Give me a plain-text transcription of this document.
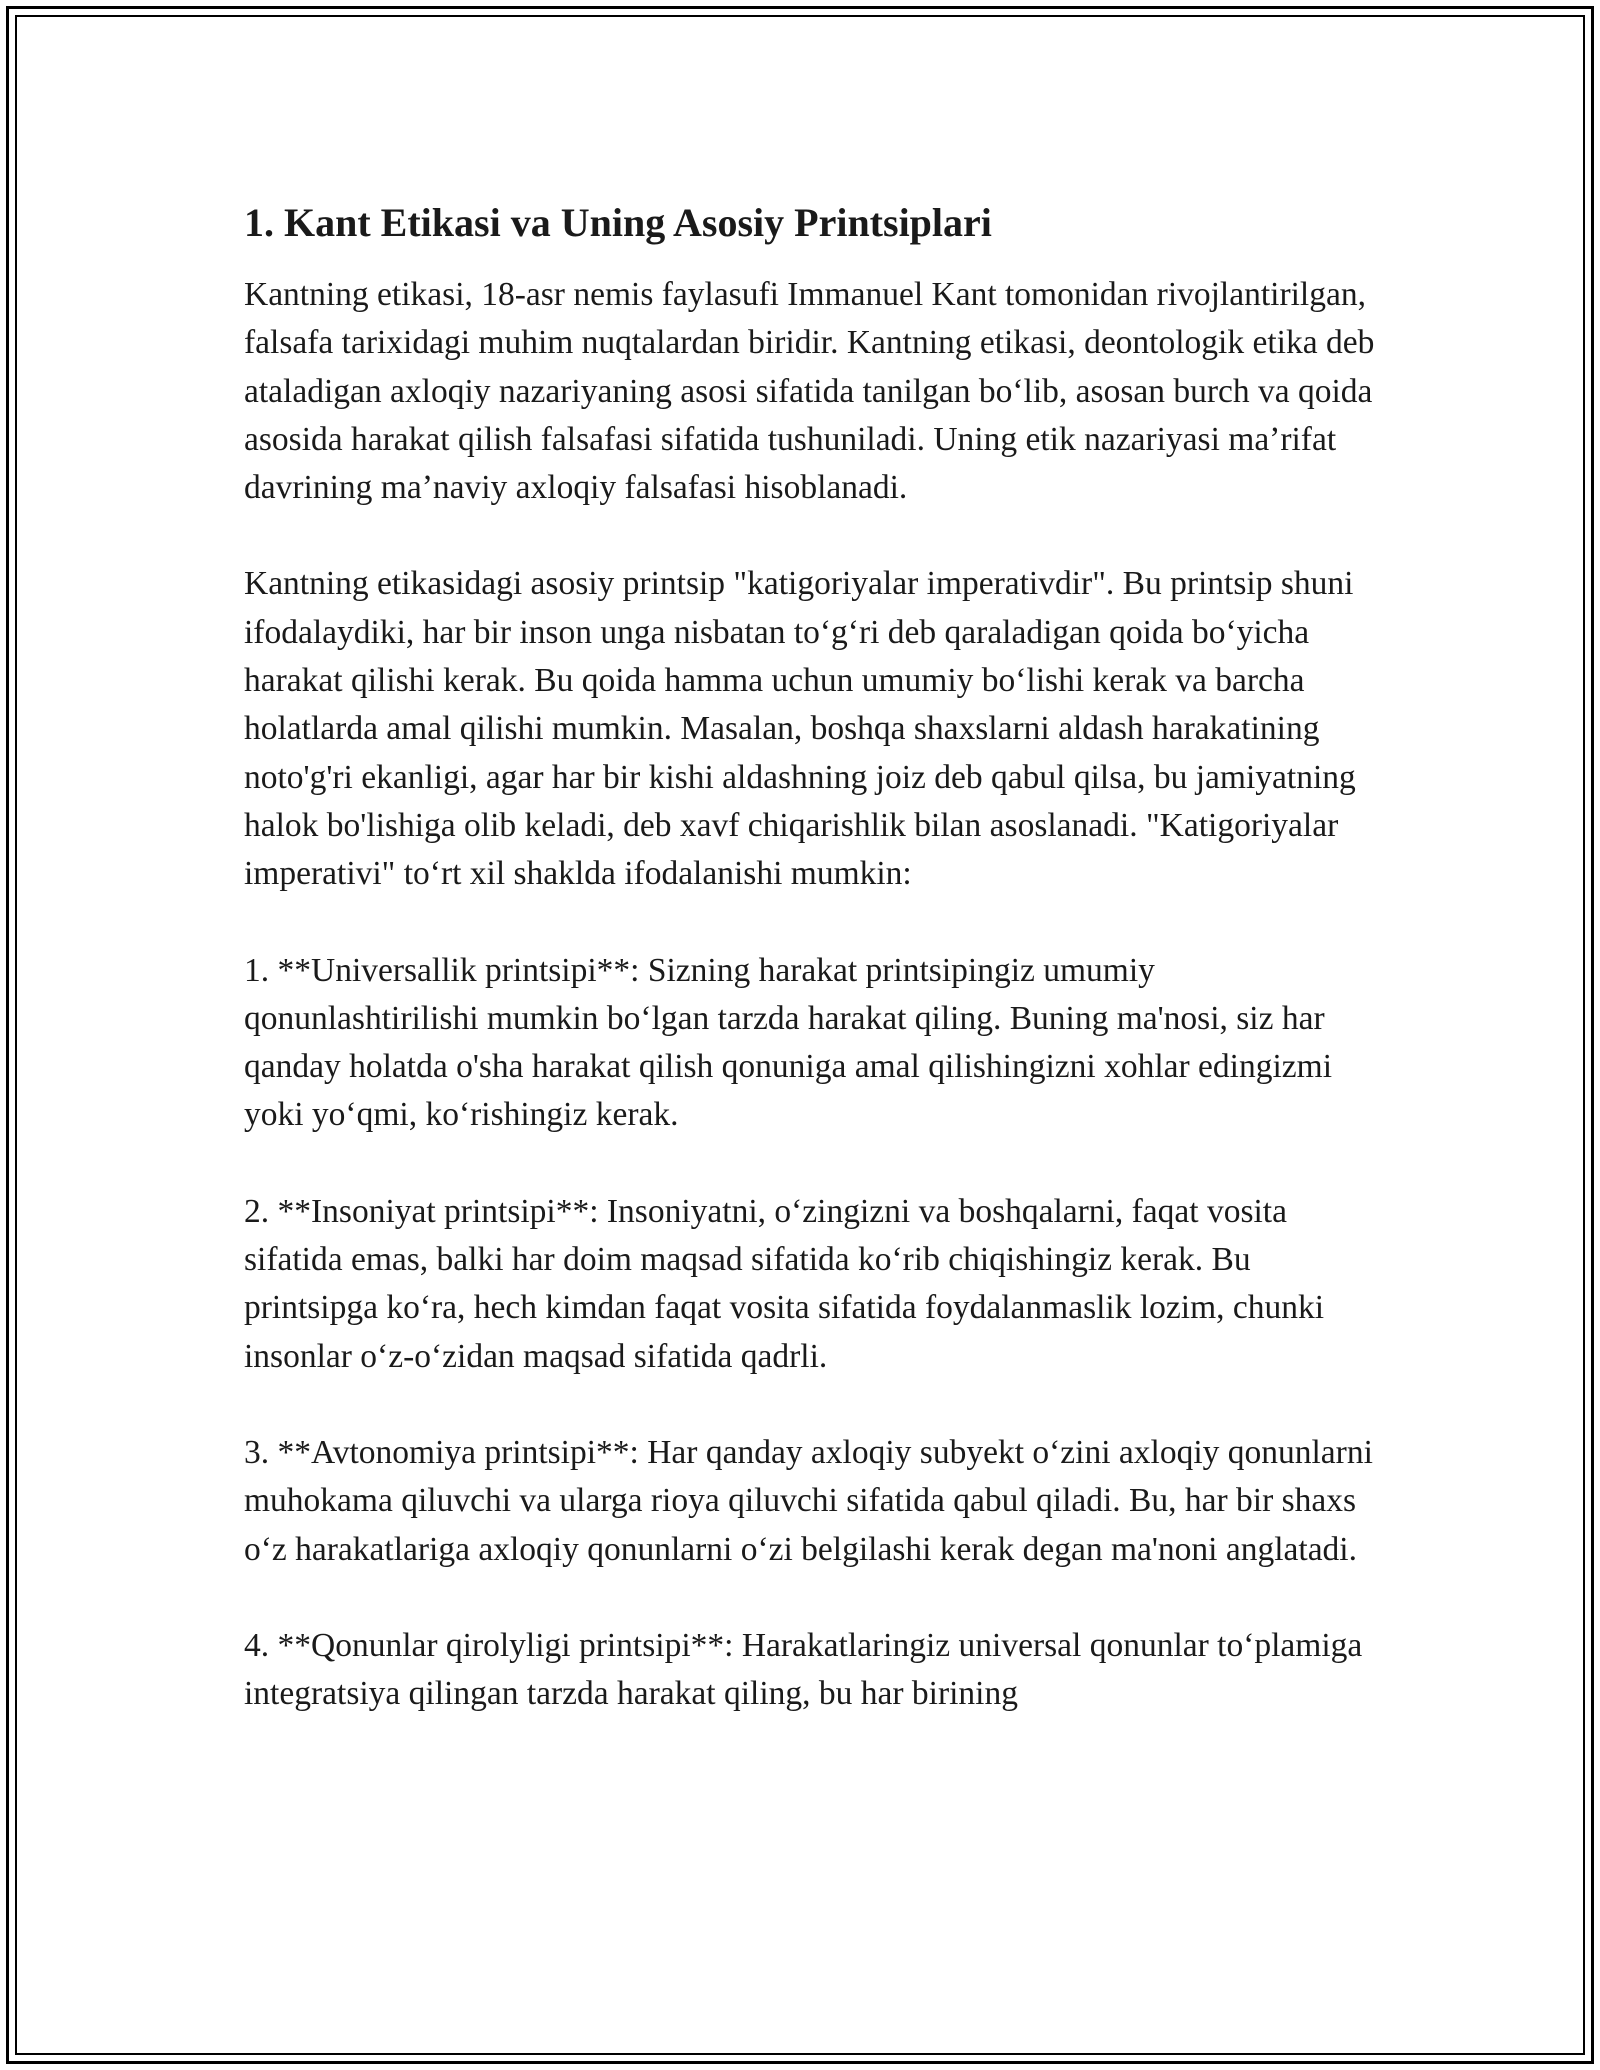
1. Kant Etikasi va Uning Asosiy Printsiplari

Kantning etikasi, 18-asr nemis faylasufi Immanuel Kant tomonidan rivojlantirilgan, falsafa tarixidagi muhim nuqtalardan biridir. Kantning etikasi, deontologik etika deb ataladigan axloqiy nazariyaning asosi sifatida tanilgan boʻlib, asosan burch va qoida asosida harakat qilish falsafasi sifatida tushuniladi. Uning etik nazariyasi maʼrifat davrining maʼnaviy axloqiy falsafasi hisoblanadi.

Kantning etikasidagi asosiy printsip "katigoriyalar imperativdir". Bu printsip shuni ifodalaydiki, har bir inson unga nisbatan toʻgʻri deb qaraladigan qoida boʻyicha harakat qilishi kerak. Bu qoida hamma uchun umumiy boʻlishi kerak va barcha holatlarda amal qilishi mumkin. Masalan, boshqa shaxslarni aldash harakatining noto'g'ri ekanligi, agar har bir kishi aldashning joiz deb qabul qilsa, bu jamiyatning halok bo'lishiga olib keladi, deb xavf chiqarishlik bilan asoslanadi. "Katigoriyalar imperativi" toʻrt xil shaklda ifodalanishi mumkin:

1. **Universallik printsipi**: Sizning harakat printsipingiz umumiy qonunlashtirilishi mumkin boʻlgan tarzda harakat qiling. Buning ma'nosi, siz har qanday holatda o'sha harakat qilish qonuniga amal qilishingizni xohlar edingizmi yoki yoʻqmi, koʻrishingiz kerak.

2. **Insoniyat printsipi**: Insoniyatni, oʻzingizni va boshqalarni, faqat vosita sifatida emas, balki har doim maqsad sifatida koʻrib chiqishingiz kerak. Bu printsipga koʻra, hech kimdan faqat vosita sifatida foydalanmaslik lozim, chunki insonlar oʻz-oʻzidan maqsad sifatida qadrli.

3. **Avtonomiya printsipi**: Har qanday axloqiy subyekt oʻzini axloqiy qonunlarni muhokama qiluvchi va ularga rioya qiluvchi sifatida qabul qiladi. Bu, har bir shaxs oʻz harakatlariga axloqiy qonunlarni oʻzi belgilashi kerak degan ma'noni anglatadi.

4. **Qonunlar qirolyligi printsipi**: Harakatlaringiz universal qonunlar toʻplamiga integratsiya qilingan tarzda harakat qiling, bu har birining
